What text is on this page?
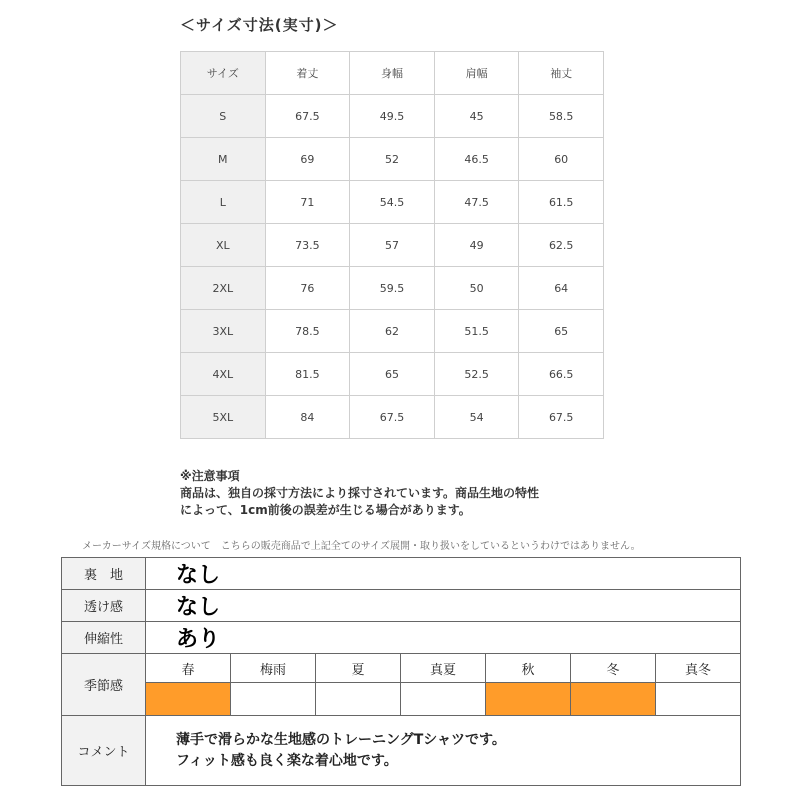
＜サイズ寸法(実寸)＞
サイズ	着丈	身幅	肩幅	袖丈
S	67.5	49.5	45	58.5
M	69	52	46.5	60
L	71	54.5	47.5	61.5
XL	73.5	57	49	62.5
2XL	76	59.5	50	64
3XL	78.5	62	51.5	65
4XL	81.5	65	52.5	66.5
5XL	84	67.5	54	67.5
※注意事項
商品は、独自の採寸方法により採寸されています。商品生地の特性
によって、1cm前後の誤差が生じる場合があります。
メーカーサイズ規格について　こちらの販売商品で上記全てのサイズ展開・取り扱いをしているというわけではありません。
裏　地	なし						
透け感	なし						
伸縮性	あり						
季節感	春	梅雨	夏	真夏	秋	冬	真冬

コメント	薄手で滑らかな生地感のトレーニングTシャツです。
フィット感も良く楽な着心地です。						
